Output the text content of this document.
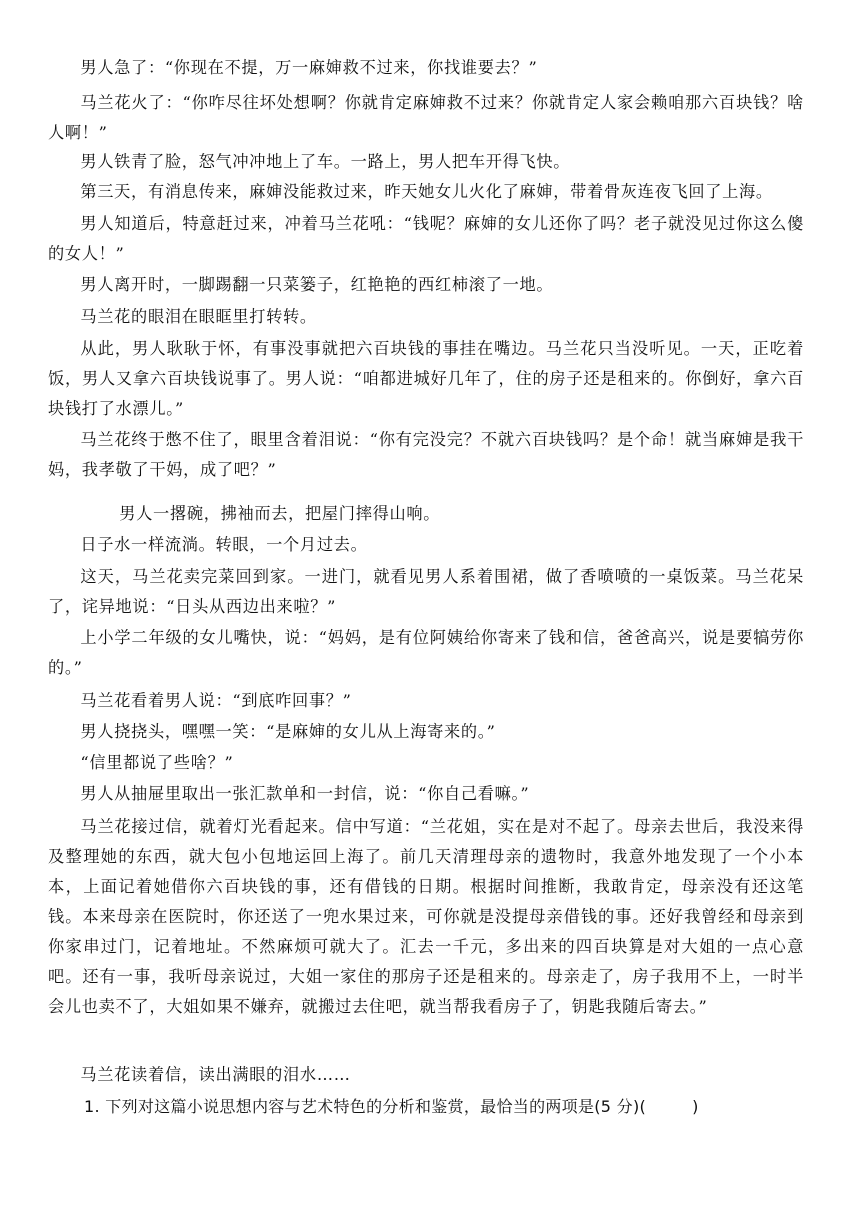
男人急了：“你现在不提，万一麻婶救不过来，你找谁要去？”

马兰花火了：“你咋尽往坏处想啊？你就肯定麻婶救不过来？你就肯定人家会赖咱那六百块钱？啥人啊！”

男人铁青了脸，怒气冲冲地上了车。一路上，男人把车开得飞快。

第三天，有消息传来，麻婶没能救过来，昨天她女儿火化了麻婶，带着骨灰连夜飞回了上海。

男人知道后，特意赶过来，冲着马兰花吼：“钱呢？麻婶的女儿还你了吗？老子就没见过你这么傻的女人！”

男人离开时，一脚踢翻一只菜篓子，红艳艳的西红柿滚了一地。

马兰花的眼泪在眼眶里打转转。

从此，男人耿耿于怀，有事没事就把六百块钱的事挂在嘴边。马兰花只当没听见。一天，正吃着饭，男人又拿六百块钱说事了。男人说：“咱都进城好几年了，住的房子还是租来的。你倒好，拿六百块钱打了水漂儿。”

马兰花终于憋不住了，眼里含着泪说：“你有完没完？不就六百块钱吗？是个命！就当麻婶是我干妈，我孝敬了干妈，成了吧？”

男人一撂碗，拂袖而去，把屋门摔得山响。

日子水一样流淌。转眼，一个月过去。

这天，马兰花卖完菜回到家。一进门，就看见男人系着围裙，做了香喷喷的一桌饭菜。马兰花呆了，诧异地说：“日头从西边出来啦？”

上小学二年级的女儿嘴快，说：“妈妈，是有位阿姨给你寄来了钱和信，爸爸高兴，说是要犒劳你的。”

马兰花看着男人说：“到底咋回事？”

男人挠挠头，嘿嘿一笑：“是麻婶的女儿从上海寄来的。”

“信里都说了些啥？”

男人从抽屉里取出一张汇款单和一封信，说：“你自己看嘛。”

马兰花接过信，就着灯光看起来。信中写道：“兰花姐，实在是对不起了。母亲去世后，我没来得及整理她的东西，就大包小包地运回上海了。前几天清理母亲的遗物时，我意外地发现了一个小本本，上面记着她借你六百块钱的事，还有借钱的日期。根据时间推断，我敢肯定，母亲没有还这笔钱。本来母亲在医院时，你还送了一兜水果过来，可你就是没提母亲借钱的事。还好我曾经和母亲到你家串过门，记着地址。不然麻烦可就大了。汇去一千元，多出来的四百块算是对大姐的一点心意吧。还有一事，我听母亲说过，大姐一家住的那房子还是租来的。母亲走了，房子我用不上，一时半会儿也卖不了，大姐如果不嫌弃，就搬过去住吧，就当帮我看房子了，钥匙我随后寄去。”

马兰花读着信，读出满眼的泪水……

1. 下列对这篇小说思想内容与艺术特色的分析和鉴赏，最恰当的两项是(5 分)(	)
